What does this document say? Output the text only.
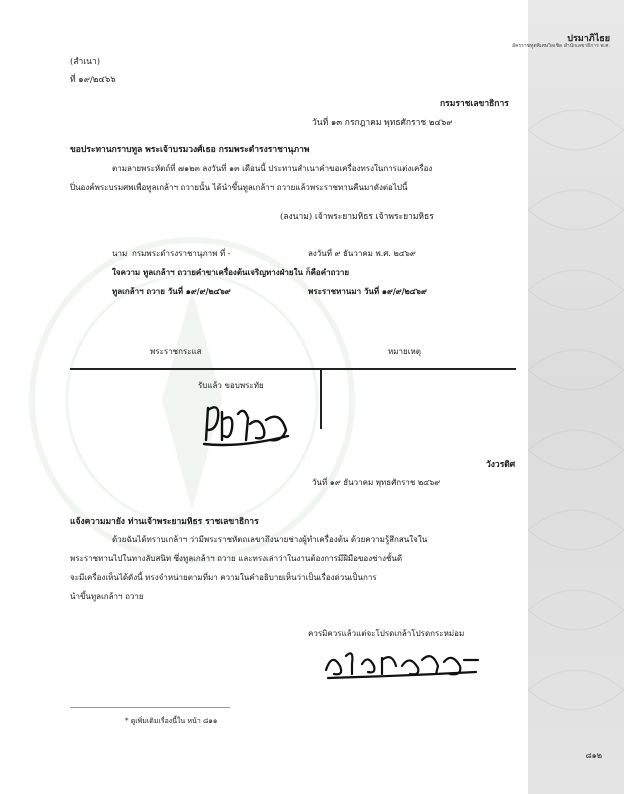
ปรมาภิไธย
อัครราชทูตพิเศษวิลเชิด สำนักเลขาธิการ พ.ศ.
๘๑๒
(สำเนา)
ที่ ๑๙/๒๔๖๖
กรมราชเลขาธิการ
วันที่ ๑๓ กรกฎาคม พุทธศักราช ๒๔๖๙
ขอประทานกราบทูล พระเจ้าบรมวงศ์เธอ กรมพระดำรงราชานุภาพ
ตามลายพระหัตถ์ที่ ๗๑๒๓ ลงวันที่ ๑๓ เดือนนี้ ประทานสำเนาคำขอเครื่องทรงในการแต่งเครื่อง
ปิ่นองค์พระบรมศพเพื่อทูลเกล้าฯ ถวายนั้น ได้นำขึ้นทูลเกล้าฯ ถวายแล้วพระราชทานคืนมาดังต่อไปนี้
(ลงนาม) เจ้าพระยามหิธร เจ้าพระยามหิธร
นาม กรมพระดำรงราชานุภาพ ที่ -	ลงวันที่ ๙ ธันวาคม พ.ศ. ๒๔๖๙
ใจความ ทูลเกล้าฯ ถวายคำขาเครื่องต้นเจริญทางฝ่ายใน ก็คือคำถวาย
ทูลเกล้าฯ ถวาย วันที่ ๑๙/๙/๒๔๖๙	พระราชทานมา วันที่ ๑๙/๙/๒๔๖๙
พระราชกระแส	หมายเหตุ
รับแล้ว ขอบพระทัย
วังวรดิศ
วันที่ ๑๙ ธันวาคม พุทธศักราช ๒๔๖๙
แจ้งความมายัง ท่านเจ้าพระยามหิธร ราชเลขาธิการ
ด้วยฉันได้ทราบเกล้าฯ ว่ามีพระราชหัตถเลขาถึงนายช่างผู้ทำเครื่องต้น ด้วยความรู้สึกสนใจใน
พระราชทานไปในทางลับสนิท ซึ่งทูลเกล้าฯ ถวาย และทรงเล่าว่าในงานต้องการมีฝีมือของช่างชั้นดี
จะมีเครื่องเห็นได้ดังนี้ ทรงจำหน่ายตามที่มา ความในคำอธิบายเห็นว่าเป็นเรื่องด่วนเป็นการ
นำขึ้นทูลเกล้าฯ ถวาย
ควรมิควรแล้วแต่จะโปรดเกล้าโปรดกระหม่อม
* ดูเพิ่มเติมเรื่องนี้ใน หน้า ๘๑๑
